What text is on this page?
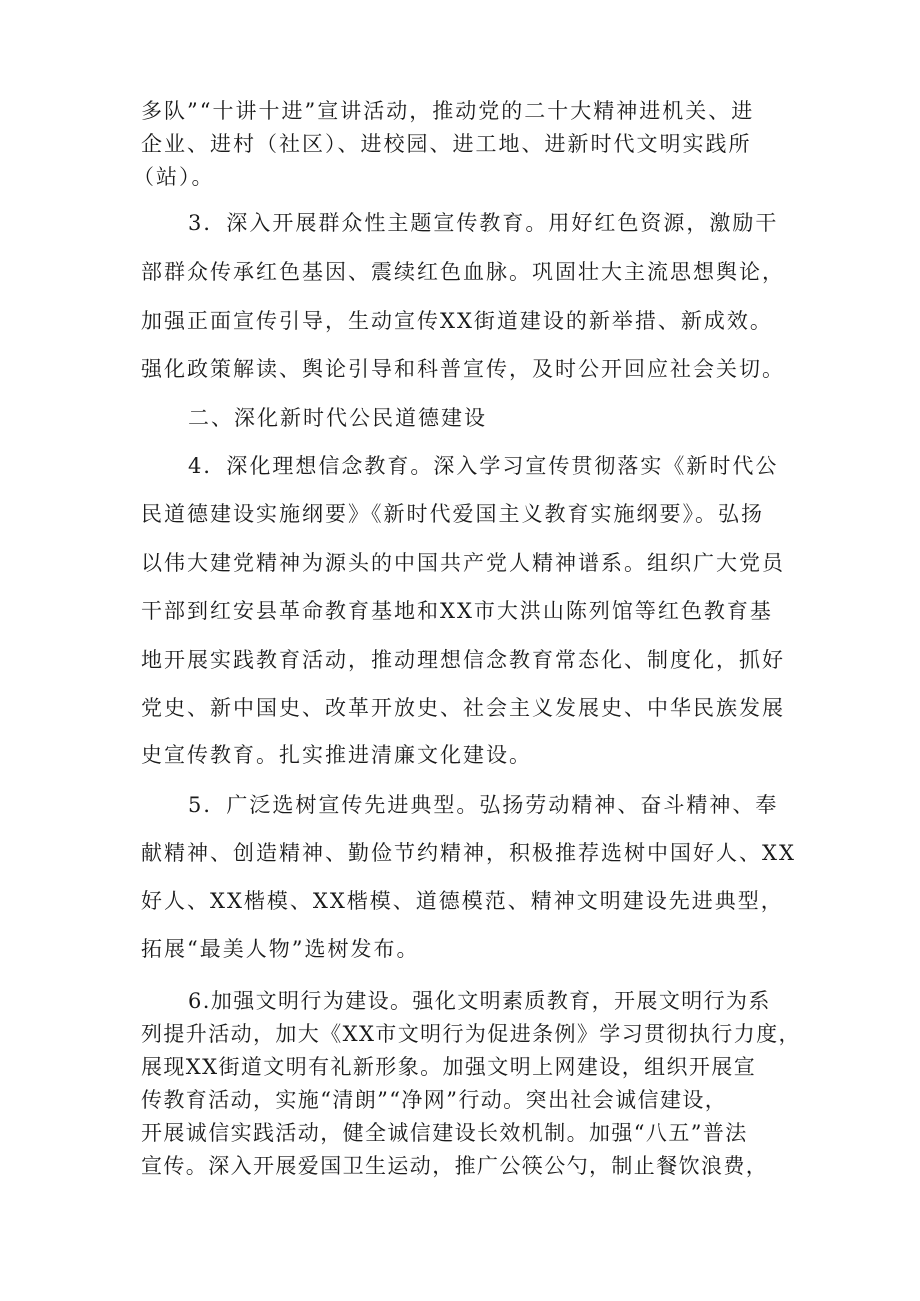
多队”“十讲十进”宣讲活动，推动党的二十大精神进机关、进

企业、进村（社区）、进校园、进工地、进新时代文明实践所

（站）。

3．深入开展群众性主题宣传教育。用好红色资源，激励干

部群众传承红色基因、震续红色血脉。巩固壮大主流思想舆论，

加强正面宣传引导，生动宣传XX街道建设的新举措、新成效。

强化政策解读、舆论引导和科普宣传，及时公开回应社会关切。

二、深化新时代公民道德建设

4．深化理想信念教育。深入学习宣传贯彻落实《新时代公

民道德建设实施纲要》《新时代爱国主义教育实施纲要》。弘扬

以伟大建党精神为源头的中国共产党人精神谱系。组织广大党员

干部到红安县革命教育基地和XX市大洪山陈列馆等红色教育基

地开展实践教育活动，推动理想信念教育常态化、制度化，抓好

党史、新中国史、改革开放史、社会主义发展史、中华民族发展

史宣传教育。扎实推进清廉文化建设。

5．广泛选树宣传先进典型。弘扬劳动精神、奋斗精神、奉

献精神、创造精神、勤俭节约精神，积极推荐选树中国好人、XX

好人、XX楷模、XX楷模、道德模范、精神文明建设先进典型，

拓展“最美人物”选树发布。

6.加强文明行为建设。强化文明素质教育，开展文明行为系

列提升活动，加大《XX市文明行为促进条例》学习贯彻执行力度，

展现XX街道文明有礼新形象。加强文明上网建设，组织开展宣

传教育活动，实施“清朗”“净网”行动。突出社会诚信建设，

开展诚信实践活动，健全诚信建设长效机制。加强“八五”普法

宣传。深入开展爱国卫生运动，推广公筷公勺，制止餐饮浪费，
